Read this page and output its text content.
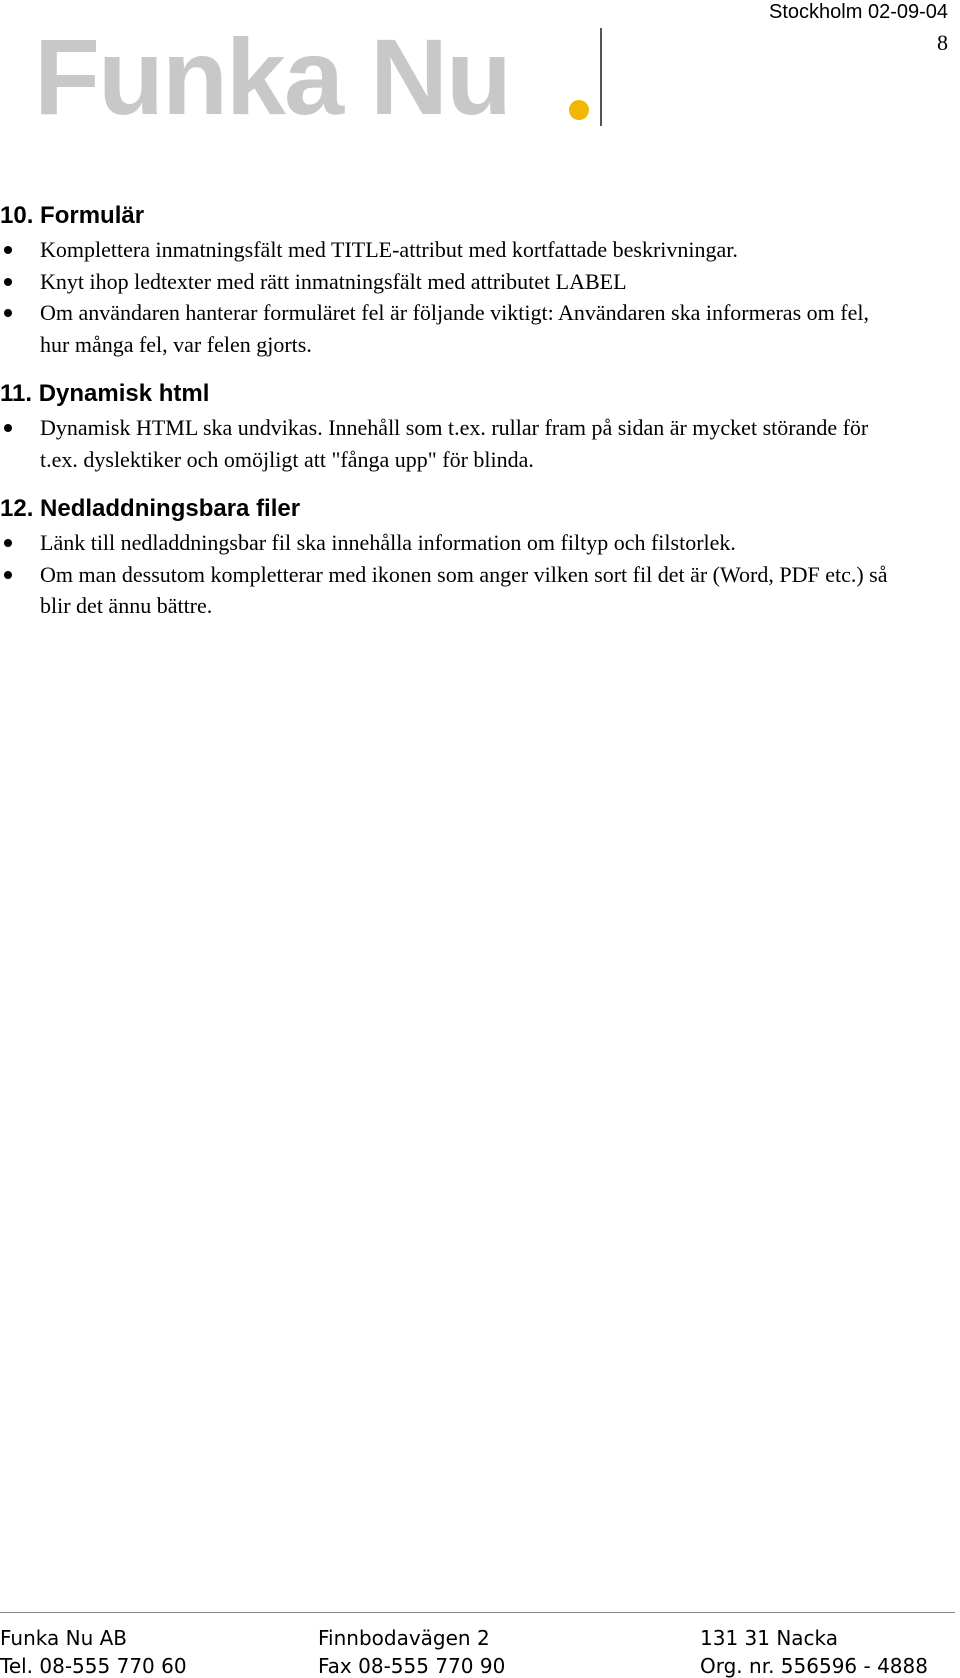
Stockholm 02-09-04
8
Funka Nu
10. Formulär
Komplettera inmatningsfält med TITLE-attribut med kortfattade beskrivningar.
Knyt ihop ledtexter med rätt inmatningsfält med attributet LABEL
Om användaren hanterar formuläret fel är följande viktigt: Användaren ska informeras om fel, hur många fel, var felen gjorts.
11. Dynamisk html
Dynamisk HTML ska undvikas. Innehåll som t.ex. rullar fram på sidan är mycket störande för t.ex. dyslektiker och omöjligt att "fånga upp" för blinda.
12. Nedladdningsbara filer
Länk till nedladdningsbar fil ska innehålla information om filtyp och filstorlek.
Om man dessutom kompletterar med ikonen som anger vilken sort fil det är (Word, PDF etc.) så blir det ännu bättre.
Funka Nu AB	Finnbodavägen 2	131 31 Nacka
Tel. 08-555 770 60	Fax 08-555 770 90	Org. nr. 556596 - 4888
